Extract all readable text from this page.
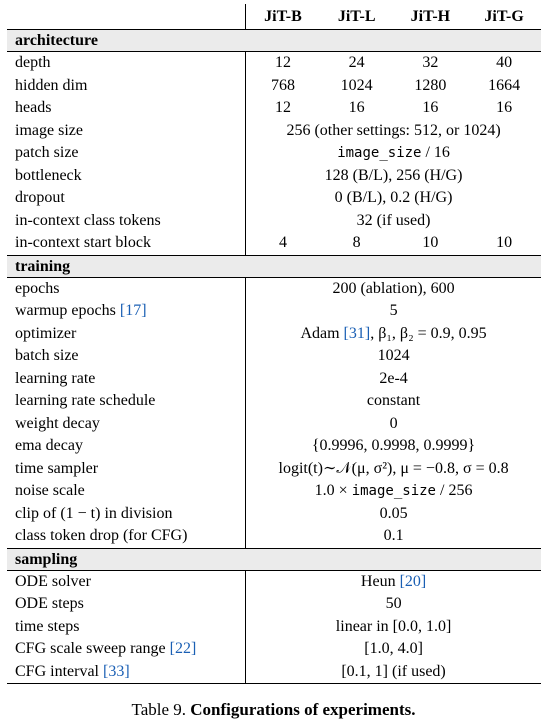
	JiT-B	JiT-L	JiT-H	JiT-G
architecture				
depth	12	24	32	40
hidden dim	768	1024	1280	1664
heads	12	16	16	16
image size	256 (other settings: 512, or 1024)			
patch size	image_size / 16			
bottleneck	128 (B/L), 256 (H/G)			
dropout	0 (B/L), 0.2 (H/G)			
in-context class tokens	32 (if used)			
in-context start block	4	8	10	10
training				
epochs	200 (ablation), 600			
warmup epochs [17]	5			
optimizer	Adam [31], β₁, β₂ = 0.9, 0.95			
batch size	1024			
learning rate	2e-4			
learning rate schedule	constant			
weight decay	0			
ema decay	{0.9996, 0.9998, 0.9999}			
time sampler	logit(t)∼𝒩(μ, σ²), μ = −0.8, σ = 0.8			
noise scale	1.0 × image_size / 256			
clip of (1 − t) in division	0.05			
class token drop (for CFG)	0.1			
sampling				
ODE solver	Heun [20]			
ODE steps	50			
time steps	linear in [0.0, 1.0]			
CFG scale sweep range [22]	[1.0, 4.0]			
CFG interval [33]	[0.1, 1] (if used)			
Table 9. Configurations of experiments.
